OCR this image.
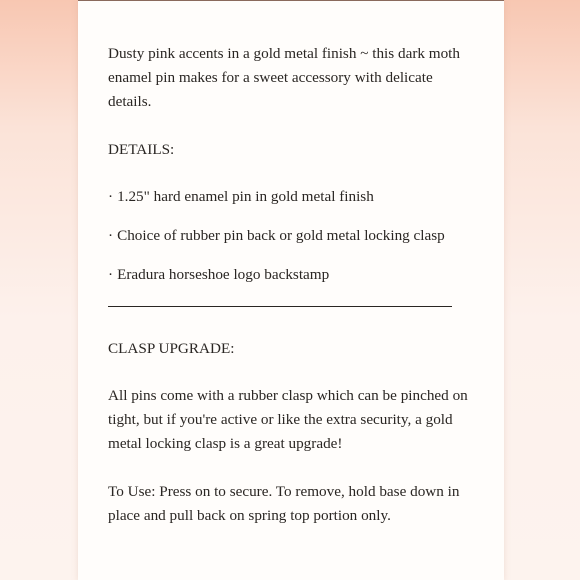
Dusty pink accents in a gold metal finish ~ this dark moth enamel pin makes for a sweet accessory with delicate details.

DETAILS:

· 1.25" hard enamel pin in gold metal finish

· Choice of rubber pin back or gold metal locking clasp

· Eradura horseshoe logo backstamp

CLASP UPGRADE:

All pins come with a rubber clasp which can be pinched on tight, but if you're active or like the extra security, a gold metal locking clasp is a great upgrade!

To Use: Press on to secure. To remove, hold base down in place and pull back on spring top portion only.
